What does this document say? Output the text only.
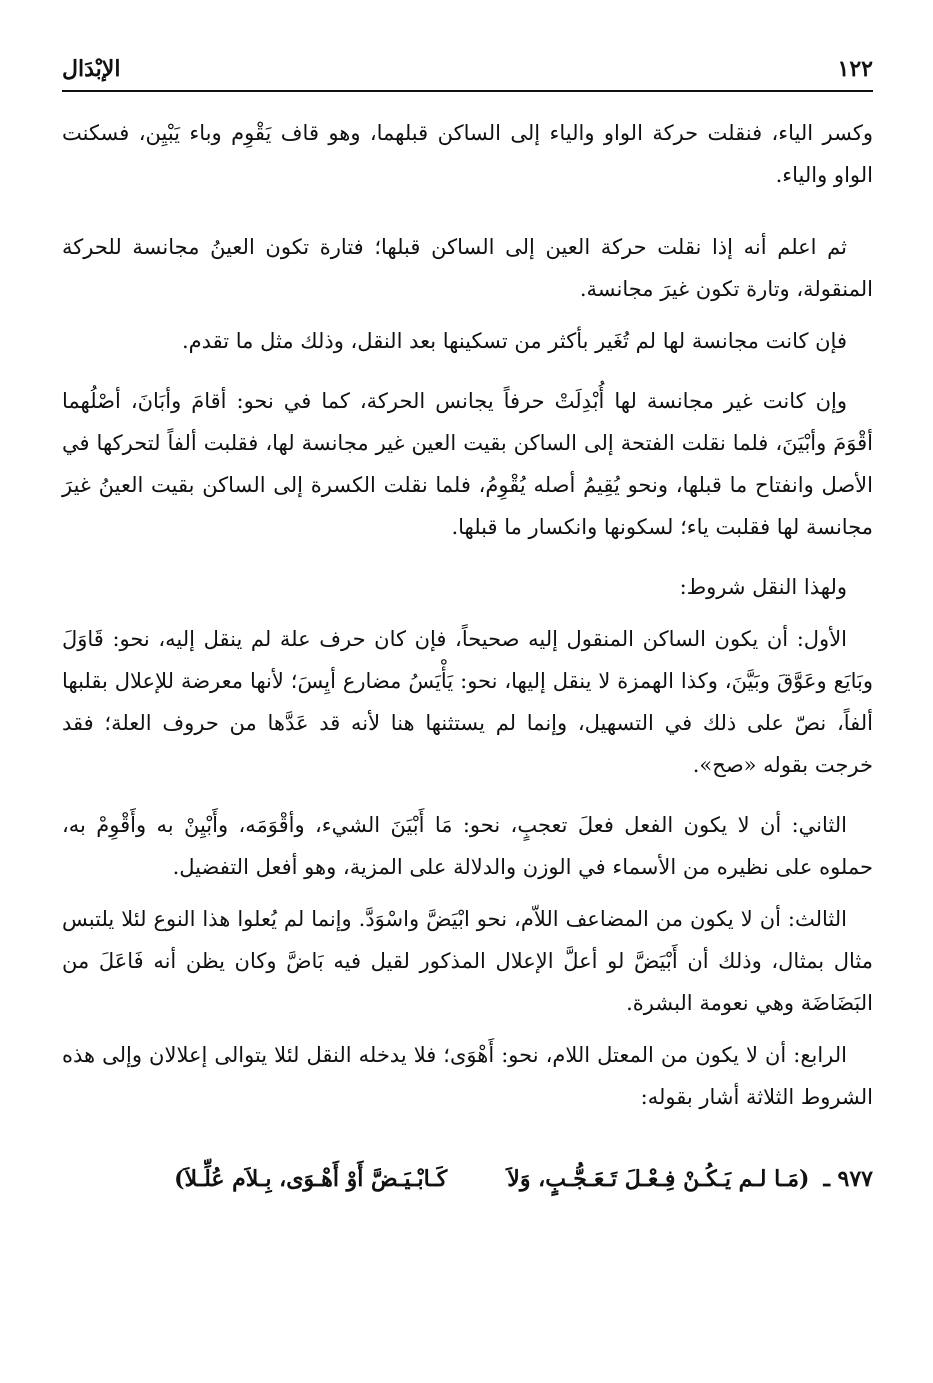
١٢٢
الإبْدَال

وكسر الياء، فنقلت حركة الواو والياء إلى الساكن قبلهما، وهو قاف يَقْوِم وباء يَبْيِن، فسكنت الواو والياء.

ثم اعلم أنه إذا نقلت حركة العين إلى الساكن قبلها؛ فتارة تكون العينُ مجانسة للحركة المنقولة، وتارة تكون غيرَ مجانسة.

فإن كانت مجانسة لها لم تُغَير بأكثر من تسكينها بعد النقل، وذلك مثل ما تقدم.

وإن كانت غير مجانسة لها أُبْدِلَتْ حرفاً يجانس الحركة، كما في نحو: أقامَ وأبَانَ، أصْلُهما أقْوَمَ وأبْيَنَ، فلما نقلت الفتحة إلى الساكن بقيت العين غير مجانسة لها، فقلبت ألفاً لتحركها في الأصل وانفتاح ما قبلها، ونحو يُقِيمُ أصله يُقْوِمُ، فلما نقلت الكسرة إلى الساكن بقيت العينُ غيرَ مجانسة لها فقلبت ياء؛ لسكونها وانكسار ما قبلها.

ولهذا النقل شروط:

الأول: أن يكون الساكن المنقول إليه صحيحاً، فإن كان حرف علة لم ينقل إليه، نحو: قَاوَلَ وبَايَع وعَوَّقَ وبَيَّنَ، وكذا الهمزة لا ينقل إليها، نحو: يَأْيَسُ مضارع أيِسَ؛ لأنها معرضة للإعلال بقلبها ألفاً، نصّ على ذلك في التسهيل، وإنما لم يستثنها هنا لأنه قد عَدَّها من حروف العلة؛ فقد خرجت بقوله «صح».

الثاني: أن لا يكون الفعل فعلَ تعجبٍ، نحو: مَا أَبْيَنَ الشيء، وأقْوَمَه، وأَبْيِنْ به وأَقْوِمْ به، حملوه على نظيره من الأسماء في الوزن والدلالة على المزية، وهو أفعل التفضيل.

الثالث: أن لا يكون من المضاعف اللاّم، نحو ابْيَضَّ واسْوَدَّ. وإنما لم يُعلوا هذا النوع لئلا يلتبس مثال بمثال، وذلك أن أَبْيَضَّ لو أعلَّ الإعلال المذكور لقيل فيه بَاضَّ وكان يظن أنه فَاعَلَ من البَضَاضَة وهي نعومة البشرة.

الرابع: أن لا يكون من المعتل اللام، نحو: أَهْوَى؛ فلا يدخله النقل لئلا يتوالى إعلالان وإلى هذه الشروط الثلاثة أشار بقوله:

٩٧٧ ـ
(مَـا لـم يَـكُـنْ فِـعْـلَ تَـعَـجُّـبٍ، وَلاَ
كَـابْـيَـضَّ أَوْ أَهْـوَى، بِـلاَم عُلِّـلاَ)
